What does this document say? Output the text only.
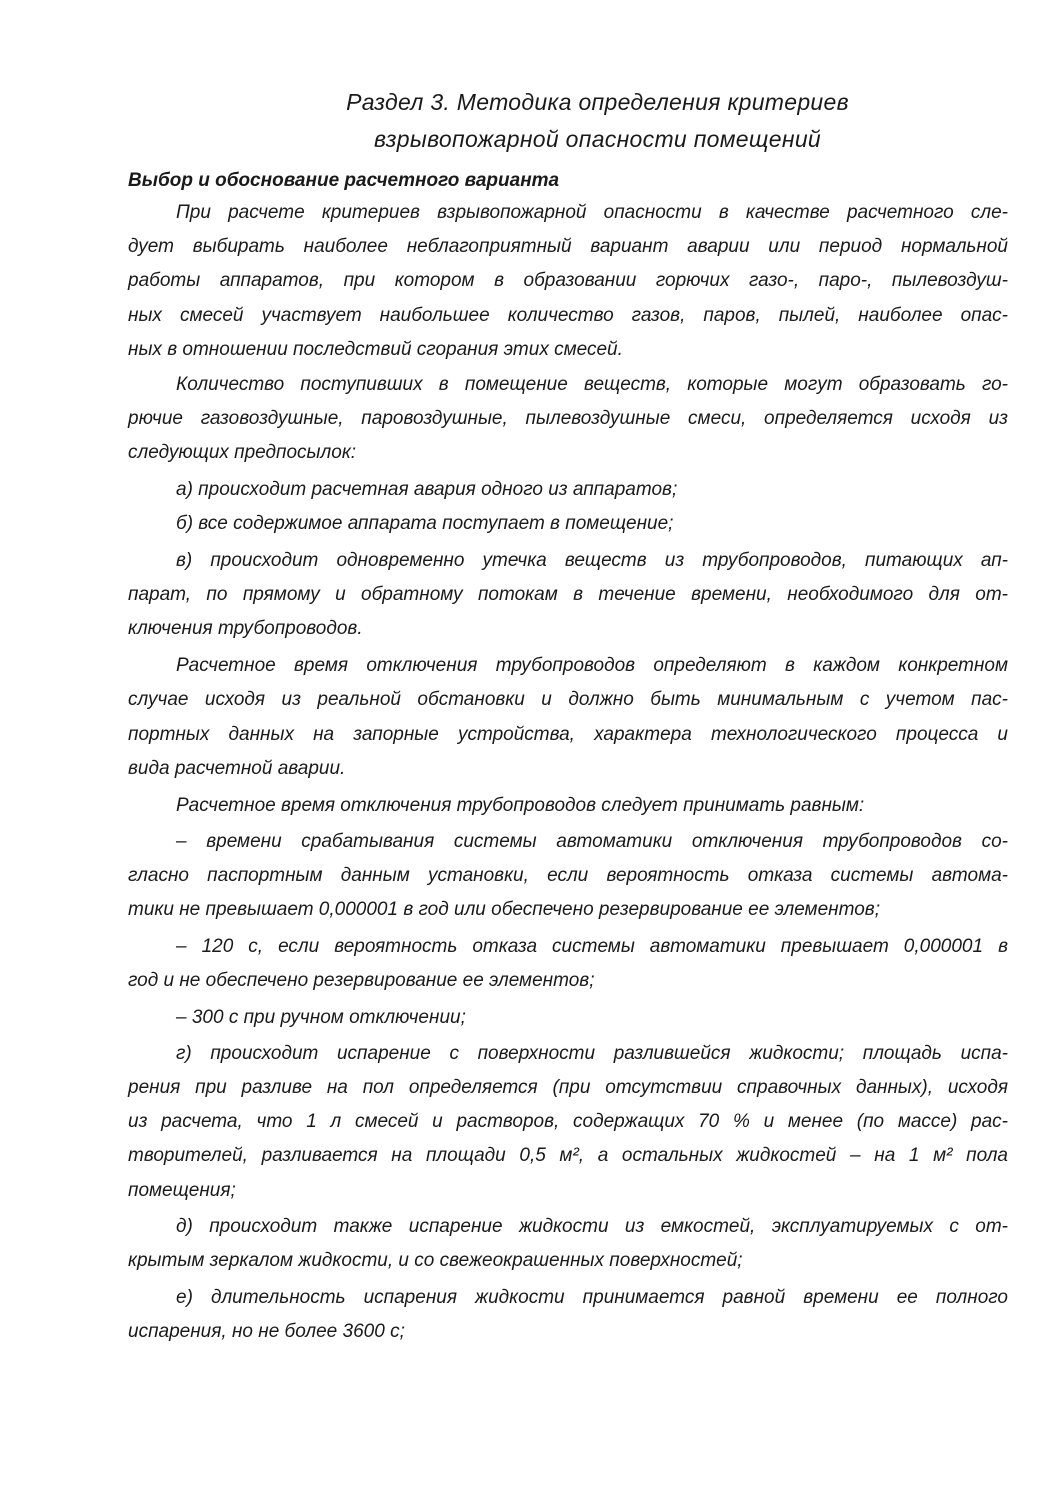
Раздел 3. Методика определения критериев
взрывопожарной опасности помещений
Выбор и обоснование расчетного варианта
При расчете критериев взрывопожарной опасности в качестве расчетного сле-
дует выбирать наиболее неблагоприятный вариант аварии или период нормальной
работы аппаратов, при котором в образовании горючих газо-, паро-, пылевоздуш-
ных смесей участвует наибольшее количество газов, паров, пылей, наиболее опас-
ных в отношении последствий сгорания этих смесей.
Количество поступивших в помещение веществ, которые могут образовать го-
рючие газовоздушные, паровоздушные, пылевоздушные смеси, определяется исходя из
следующих предпосылок:
а) происходит расчетная авария одного из аппаратов;
б) все содержимое аппарата поступает в помещение;
в) происходит одновременно утечка веществ из трубопроводов, питающих ап-
парат, по прямому и обратному потокам в течение времени, необходимого для от-
ключения трубопроводов.
Расчетное время отключения трубопроводов определяют в каждом конкретном
случае исходя из реальной обстановки и должно быть минимальным с учетом пас-
портных данных на запорные устройства, характера технологического процесса и
вида расчетной аварии.
Расчетное время отключения трубопроводов следует принимать равным:
– времени срабатывания системы автоматики отключения трубопроводов со-
гласно паспортным данным установки, если вероятность отказа системы автома-
тики не превышает 0,000001 в год или обеспечено резервирование ее элементов;
– 120 с, если вероятность отказа системы автоматики превышает 0,000001 в
год и не обеспечено резервирование ее элементов;
– 300 с при ручном отключении;
г) происходит испарение с поверхности разлившейся жидкости; площадь испа-
рения при разливе на пол определяется (при отсутствии справочных данных), исходя
из расчета, что 1 л смесей и растворов, содержащих 70 % и менее (по массе) рас-
творителей, разливается на площади 0,5 м², а остальных жидкостей – на 1 м² пола
помещения;
д) происходит также испарение жидкости из емкостей, эксплуатируемых с от-
крытым зеркалом жидкости, и со свежеокрашенных поверхностей;
е) длительность испарения жидкости принимается равной времени ее полного
испарения, но не более 3600 с;
